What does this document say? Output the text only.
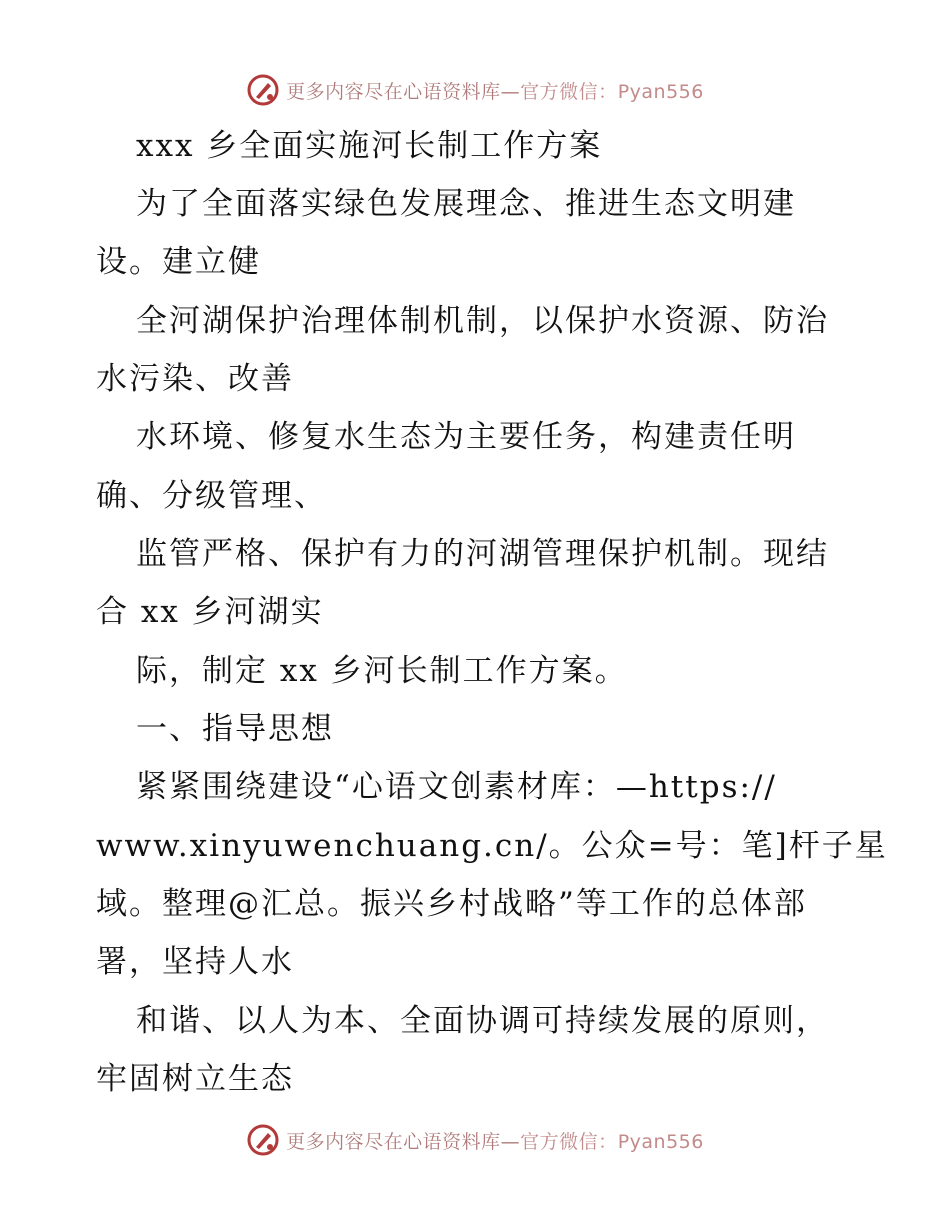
更多内容尽在心语资料库—官方微信：Pyan556
xxx 乡全面实施河长制工作方案
为了全面落实绿色发展理念、推进生态文明建
设。建立健
全河湖保护治理体制机制，以保护水资源、防治
水污染、改善
水环境、修复水生态为主要任务，构建责任明
确、分级管理、
监管严格、保护有力的河湖管理保护机制。现结
合 xx 乡河湖实
际，制定 xx 乡河长制工作方案。
一、指导思想
紧紧围绕建设“心语文创素材库：—https://
www.xinyuwenchuang.cn/。公众=号：笔]杆子星
域。整理@汇总。振兴乡村战略”等工作的总体部
署，坚持人水
和谐、以人为本、全面协调可持续发展的原则，
牢固树立生态
更多内容尽在心语资料库—官方微信：Pyan556
